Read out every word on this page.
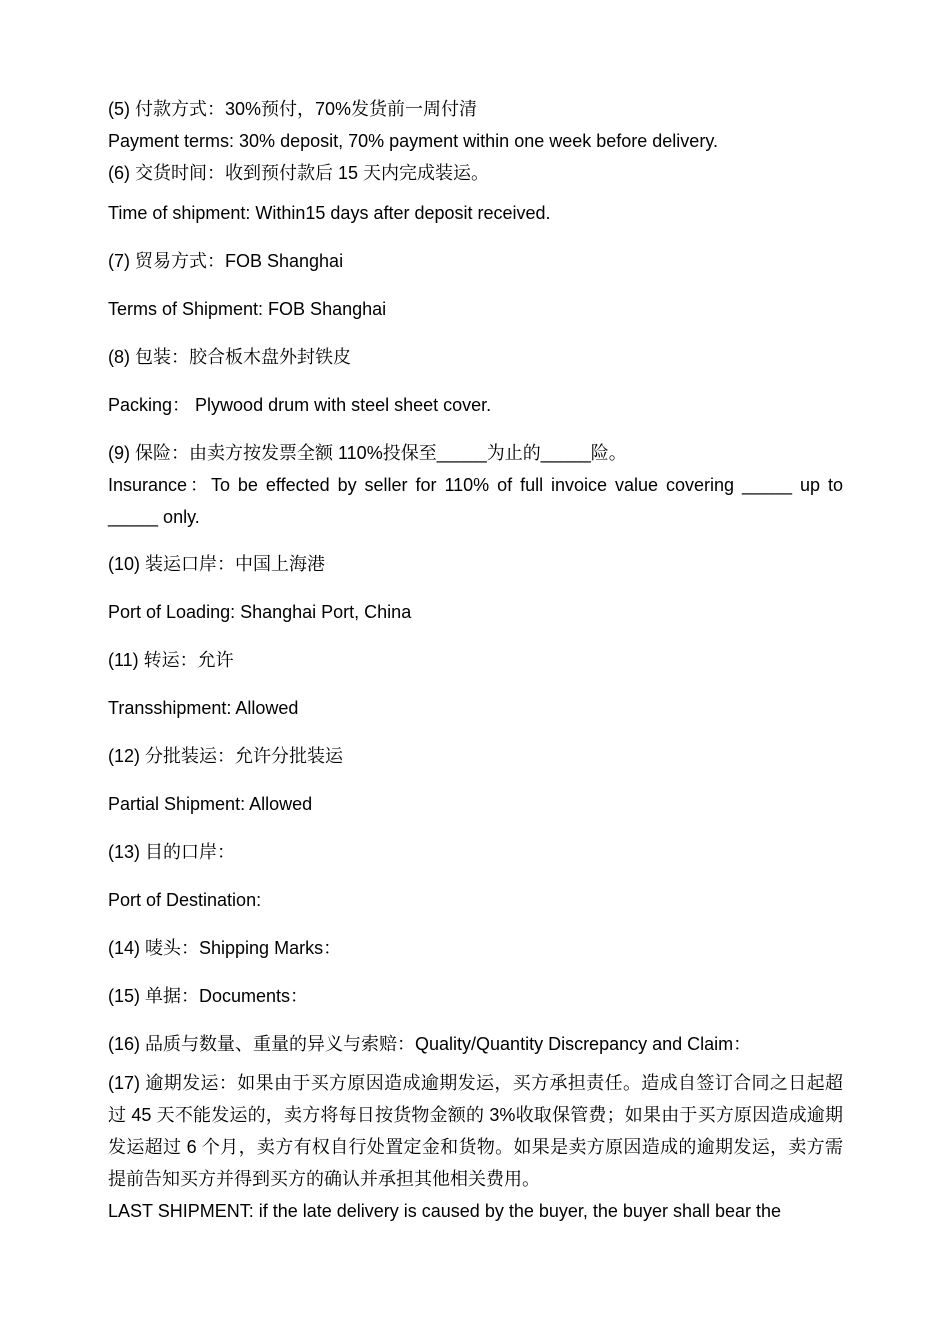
(5) 付款方式：30%预付，70%发货前一周付清
Payment terms: 30% deposit, 70% payment within one week before delivery.
(6) 交货时间：收到预付款后 15 天内完成装运。
Time of shipment: Within15 days after deposit received.
(7) 贸易方式：FOB Shanghai
Terms of Shipment: FOB Shanghai
(8) 包装：胶合板木盘外封铁皮
Packing： Plywood drum with steel sheet cover.
(9) 保险：由卖方按发票全额 110%投保至_____为止的_____险。
Insurance：To be effected by seller for 110% of full invoice value covering _____ up to _____ only.
(10) 装运口岸：中国上海港
Port of Loading: Shanghai Port, China
(11) 转运：允许
Transshipment: Allowed
(12) 分批装运：允许分批装运
Partial Shipment: Allowed
(13) 目的口岸：
Port of Destination:
(14) 唛头：Shipping Marks：
(15) 单据：Documents：
(16) 品质与数量、重量的异义与索赔：Quality/Quantity Discrepancy and Claim：
(17) 逾期发运：如果由于买方原因造成逾期发运，买方承担责任。造成自签订合同之日起超过 45 天不能发运的，卖方将每日按货物金额的 3%收取保管费；如果由于买方原因造成逾期发运超过 6 个月，卖方有权自行处置定金和货物。如果是卖方原因造成的逾期发运，卖方需提前告知买方并得到买方的确认并承担其他相关费用。
LAST SHIPMENT: if the late delivery is caused by the buyer, the buyer shall bear the
